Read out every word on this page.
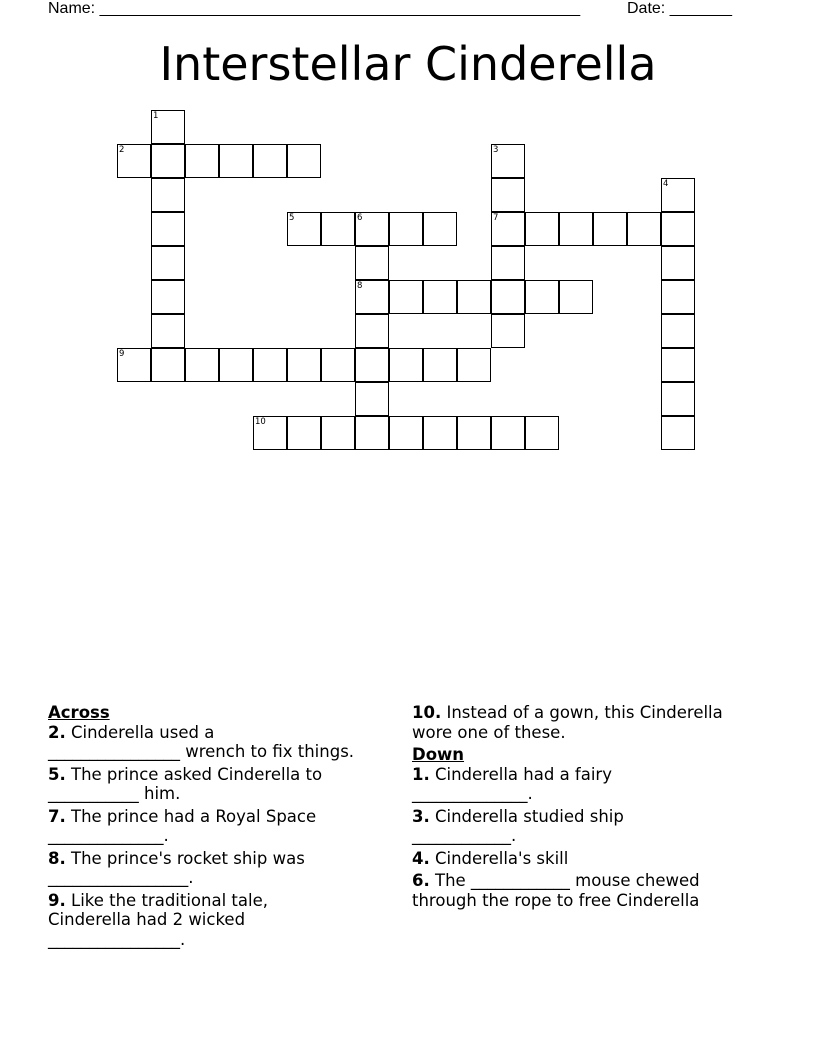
Name: ______________________________________________________	Date: _______
Interstellar Cinderella
1
2	3
4
5	6	7
8
9
10
Across
2. Cinderella used a
________________ wrench to fix things.
5. The prince asked Cinderella to
___________ him.
7. The prince had a Royal Space
______________.
8. The prince's rocket ship was
_________________.
9. Like the traditional tale,
Cinderella had 2 wicked
________________.
10. Instead of a gown, this Cinderella
wore one of these.
Down
1. Cinderella had a fairy
______________.
3. Cinderella studied ship
____________.
4. Cinderella's skill
6. The ____________ mouse chewed
through the rope to free Cinderella
